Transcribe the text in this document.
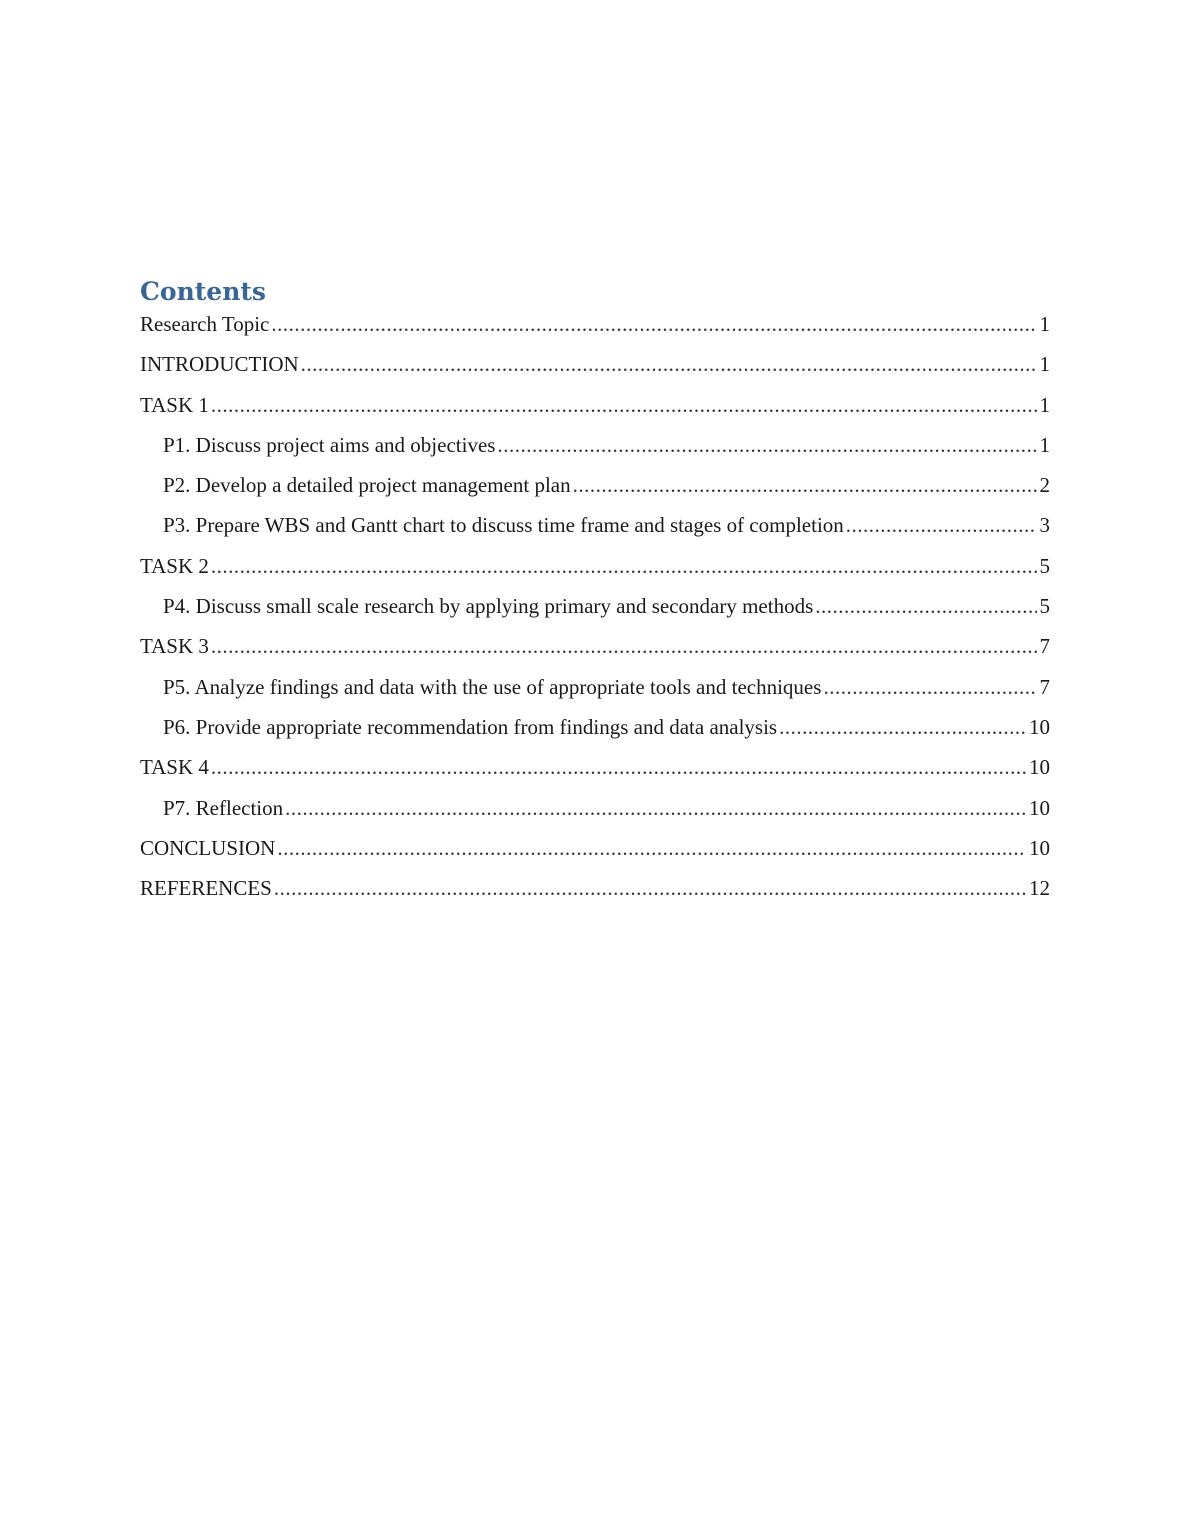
Contents
Research Topic .....	1
INTRODUCTION .....	1
TASK 1 .....	1
P1. Discuss project aims and objectives .....	1
P2. Develop a detailed project management plan .....	2
P3. Prepare WBS and Gantt chart to discuss time frame and stages of completion .....	3
TASK 2 .....	5
P4. Discuss small scale research by applying primary and secondary methods .....	5
TASK 3 .....	7
P5. Analyze findings and data with the use of appropriate tools and techniques .....	7
P6. Provide appropriate recommendation from findings and data analysis .....	10
TASK 4 .....	10
P7. Reflection .....	10
CONCLUSION .....	10
REFERENCES .....	12
